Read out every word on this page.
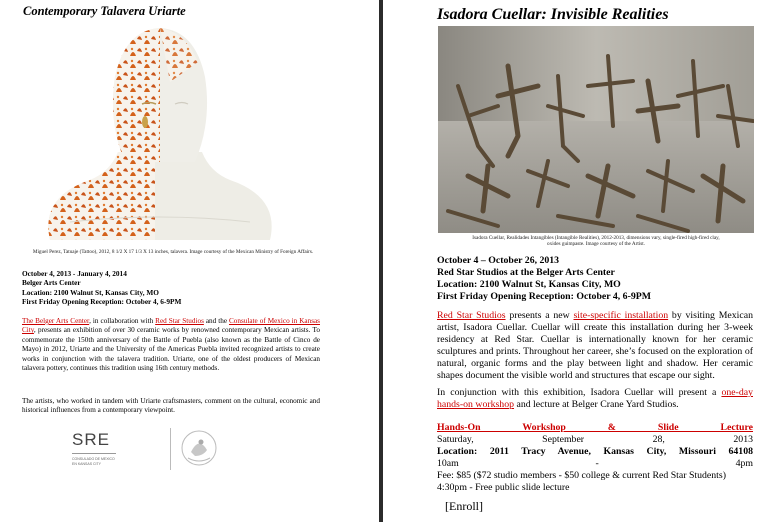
Contemporary Talavera Uriarte
Miguel Perez, Tatuaje (Tattoo), 2012, 8 1/2 X 17 1/3 X 13 inches, talavera. Image courtesy of the Mexican Ministry of Foreign Affairs.
October 4, 2013 - January 4, 2014
Belger Arts Center
Location: 2100 Walnut St, Kansas City, MO
First Friday Opening Reception: October 4, 6-9PM
The Belger Arts Center, in collaboration with Red Star Studios and the Consulate of Mexico in Kansas City, presents an exhibition of over 30 ceramic works by renowned contemporary Mexican artists. To commemorate the 150th anniversary of the Battle of Puebla (also known as the Battle of Cinco de Mayo) in 2012, Uriarte and the University of the Americas Puebla invited recognized artists to create works in conjunction with the talavera tradition. Uriarte, one of the oldest producers of Mexican talavera pottery, continues this tradition using 16th century methods.
The artists, who worked in tandem with Uriarte craftsmasters, comment on the cultural, economic and historical influences from a contemporary viewpoint.
SRE
CONSULADO DE MEXICO
EN KANSAS CITY
Isadora Cuellar: Invisible Realities
Isadora Cuellar, Realidades Intangibles (Intangible Realities), 2012-2013, dimensions vary, single-fired high-fired clay,
oxides guimpaste. Image courtesy of the Artist.
October 4 – October 26, 2013
Red Star Studios at the Belger Arts Center
Location: 2100 Walnut St, Kansas City, MO
First Friday Opening Reception: October 4, 6-9PM
Red Star Studios presents a new site-specific installation by visiting Mexican artist, Isadora Cuellar. Cuellar will create this installation during her 3-week residency at Red Star. Cuellar is internationally known for her ceramic sculptures and prints. Throughout her career, she’s focused on the exploration of natural, organic forms and the play between light and shadow. Her ceramic shapes document the visible world and structures that escape our sight.
In conjunction with this exhibition, Isadora Cuellar will present a one-day hands-on workshop and lecture at Belger Crane Yard Studios.
Hands-On Workshop & Slide Lecture
Saturday, September 28, 2013
Location: 2011 Tracy Avenue, Kansas City, Missouri 64108
10am - 4pm
Fee: $85 ($72 studio members - $50 college & current Red Star Students)
4:30pm - Free public slide lecture
[Enroll]
